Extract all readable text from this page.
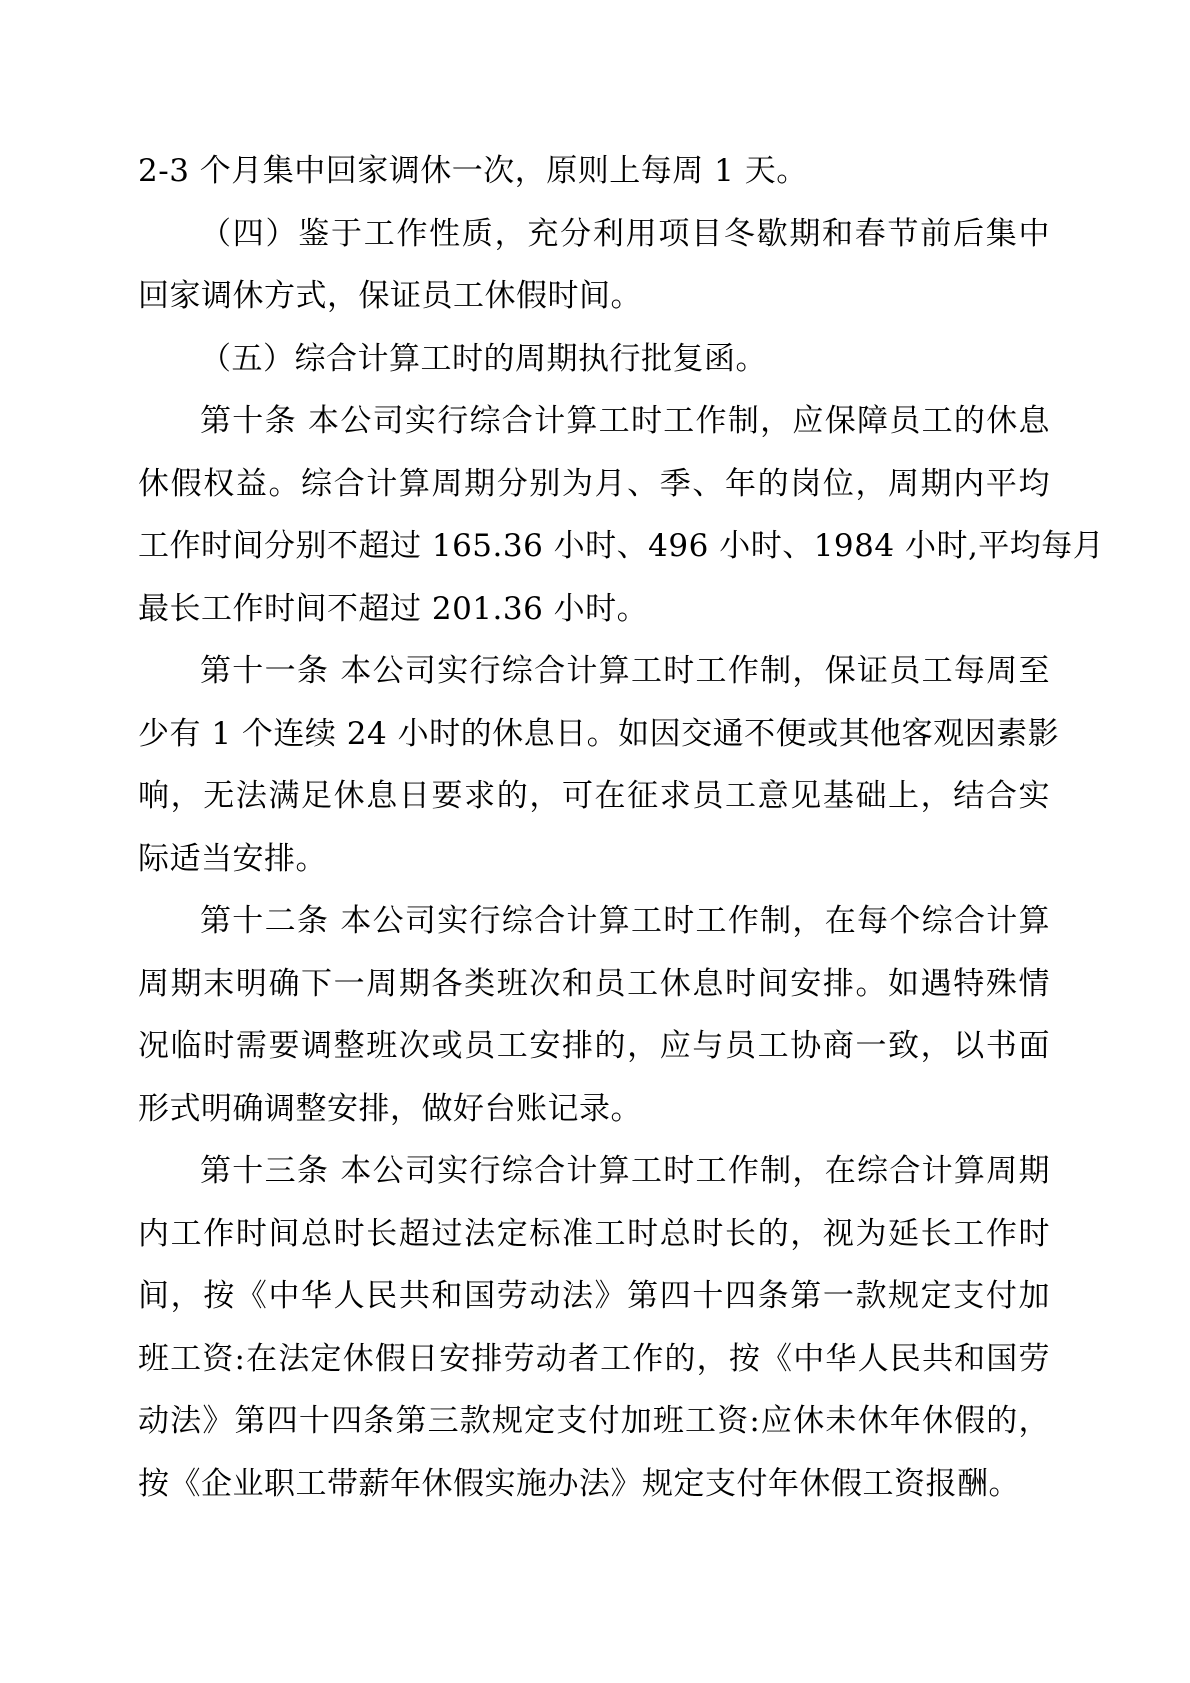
2-3 个月集中回家调休一次，原则上每周 1 天。
（四）鉴于工作性质，充分利用项目冬歇期和春节前后集中
回家调休方式，保证员工休假时间。
（五）综合计算工时的周期执行批复函。
第十条 本公司实行综合计算工时工作制，应保障员工的休息
休假权益。综合计算周期分别为月、季、年的岗位，周期内平均
工作时间分别不超过 165.36 小时、496 小时、1984 小时,平均每月
最长工作时间不超过 201.36 小时。
第十一条 本公司实行综合计算工时工作制，保证员工每周至
少有 1 个连续 24 小时的休息日。如因交通不便或其他客观因素影
响，无法满足休息日要求的，可在征求员工意见基础上，结合实
际适当安排。
第十二条 本公司实行综合计算工时工作制，在每个综合计算
周期末明确下一周期各类班次和员工休息时间安排。如遇特殊情
况临时需要调整班次或员工安排的，应与员工协商一致，以书面
形式明确调整安排，做好台账记录。
第十三条 本公司实行综合计算工时工作制，在综合计算周期
内工作时间总时长超过法定标准工时总时长的，视为延长工作时
间，按《中华人民共和国劳动法》第四十四条第一款规定支付加
班工资:在法定休假日安排劳动者工作的，按《中华人民共和国劳
动法》第四十四条第三款规定支付加班工资:应休未休年休假的，
按《企业职工带薪年休假实施办法》规定支付年休假工资报酬。
